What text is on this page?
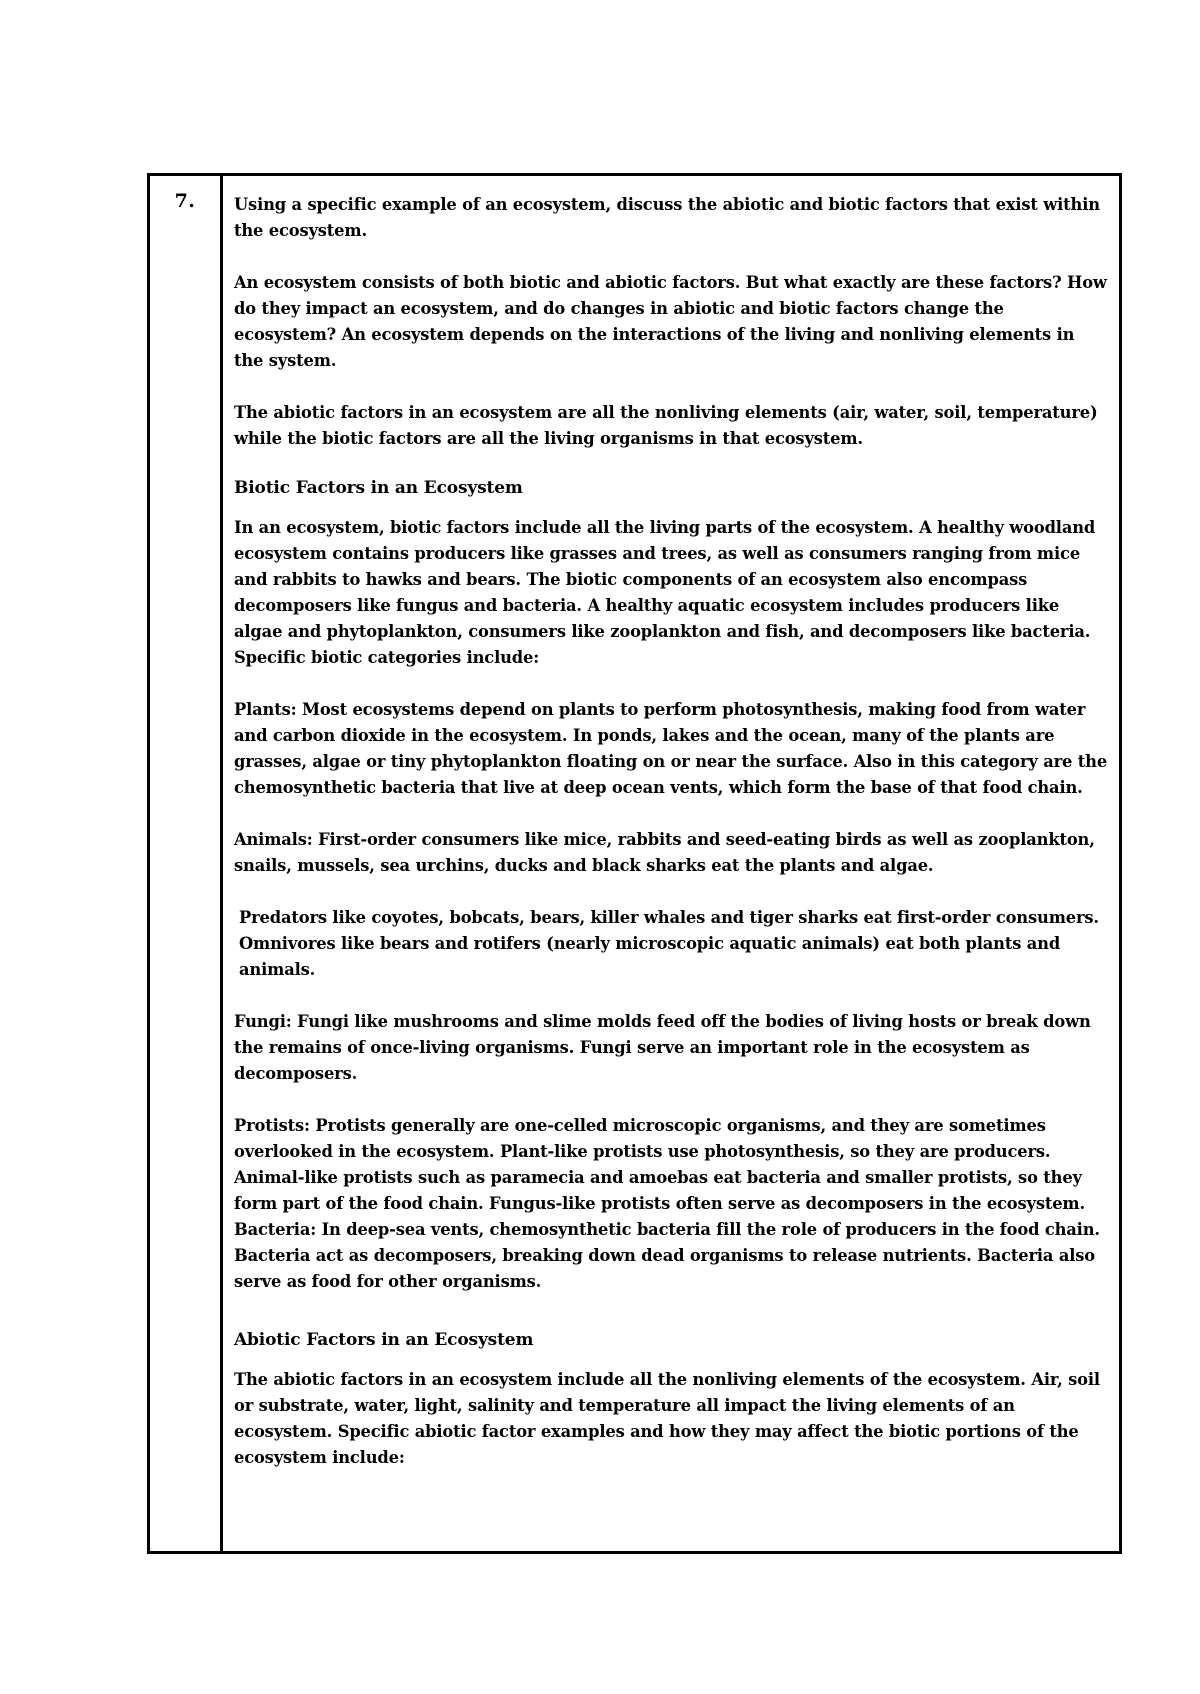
7.	Using a specific example of an ecosystem, discuss the abiotic and biotic factors that exist within the ecosystem.

An ecosystem consists of both biotic and abiotic factors. But what exactly are these factors? How do they impact an ecosystem, and do changes in abiotic and biotic factors change the ecosystem? An ecosystem depends on the interactions of the living and nonliving elements in the system.

The abiotic factors in an ecosystem are all the nonliving elements (air, water, soil, temperature) while the biotic factors are all the living organisms in that ecosystem.

Biotic Factors in an Ecosystem

In an ecosystem, biotic factors include all the living parts of the ecosystem. A healthy woodland ecosystem contains producers like grasses and trees, as well as consumers ranging from mice and rabbits to hawks and bears. The biotic components of an ecosystem also encompass decomposers like fungus and bacteria. A healthy aquatic ecosystem includes producers like algae and phytoplankton, consumers like zooplankton and fish, and decomposers like bacteria. Specific biotic categories include:

Plants: Most ecosystems depend on plants to perform photosynthesis, making food from water and carbon dioxide in the ecosystem. In ponds, lakes and the ocean, many of the plants are grasses, algae or tiny phytoplankton floating on or near the surface. Also in this category are the chemosynthetic bacteria that live at deep ocean vents, which form the base of that food chain.

Animals: First-order consumers like mice, rabbits and seed-eating birds as well as zooplankton, snails, mussels, sea urchins, ducks and black sharks eat the plants and algae.

Predators like coyotes, bobcats, bears, killer whales and tiger sharks eat first-order consumers. Omnivores like bears and rotifers (nearly microscopic aquatic animals) eat both plants and animals.

Fungi: Fungi like mushrooms and slime molds feed off the bodies of living hosts or break down the remains of once-living organisms. Fungi serve an important role in the ecosystem as decomposers.

Protists: Protists generally are one-celled microscopic organisms, and they are sometimes overlooked in the ecosystem. Plant-like protists use photosynthesis, so they are producers. Animal-like protists such as paramecia and amoebas eat bacteria and smaller protists, so they form part of the food chain. Fungus-like protists often serve as decomposers in the ecosystem.

Bacteria: In deep-sea vents, chemosynthetic bacteria fill the role of producers in the food chain. Bacteria act as decomposers, breaking down dead organisms to release nutrients. Bacteria also serve as food for other organisms.

Abiotic Factors in an Ecosystem

The abiotic factors in an ecosystem include all the nonliving elements of the ecosystem. Air, soil or substrate, water, light, salinity and temperature all impact the living elements of an ecosystem. Specific abiotic factor examples and how they may affect the biotic portions of the ecosystem include:
